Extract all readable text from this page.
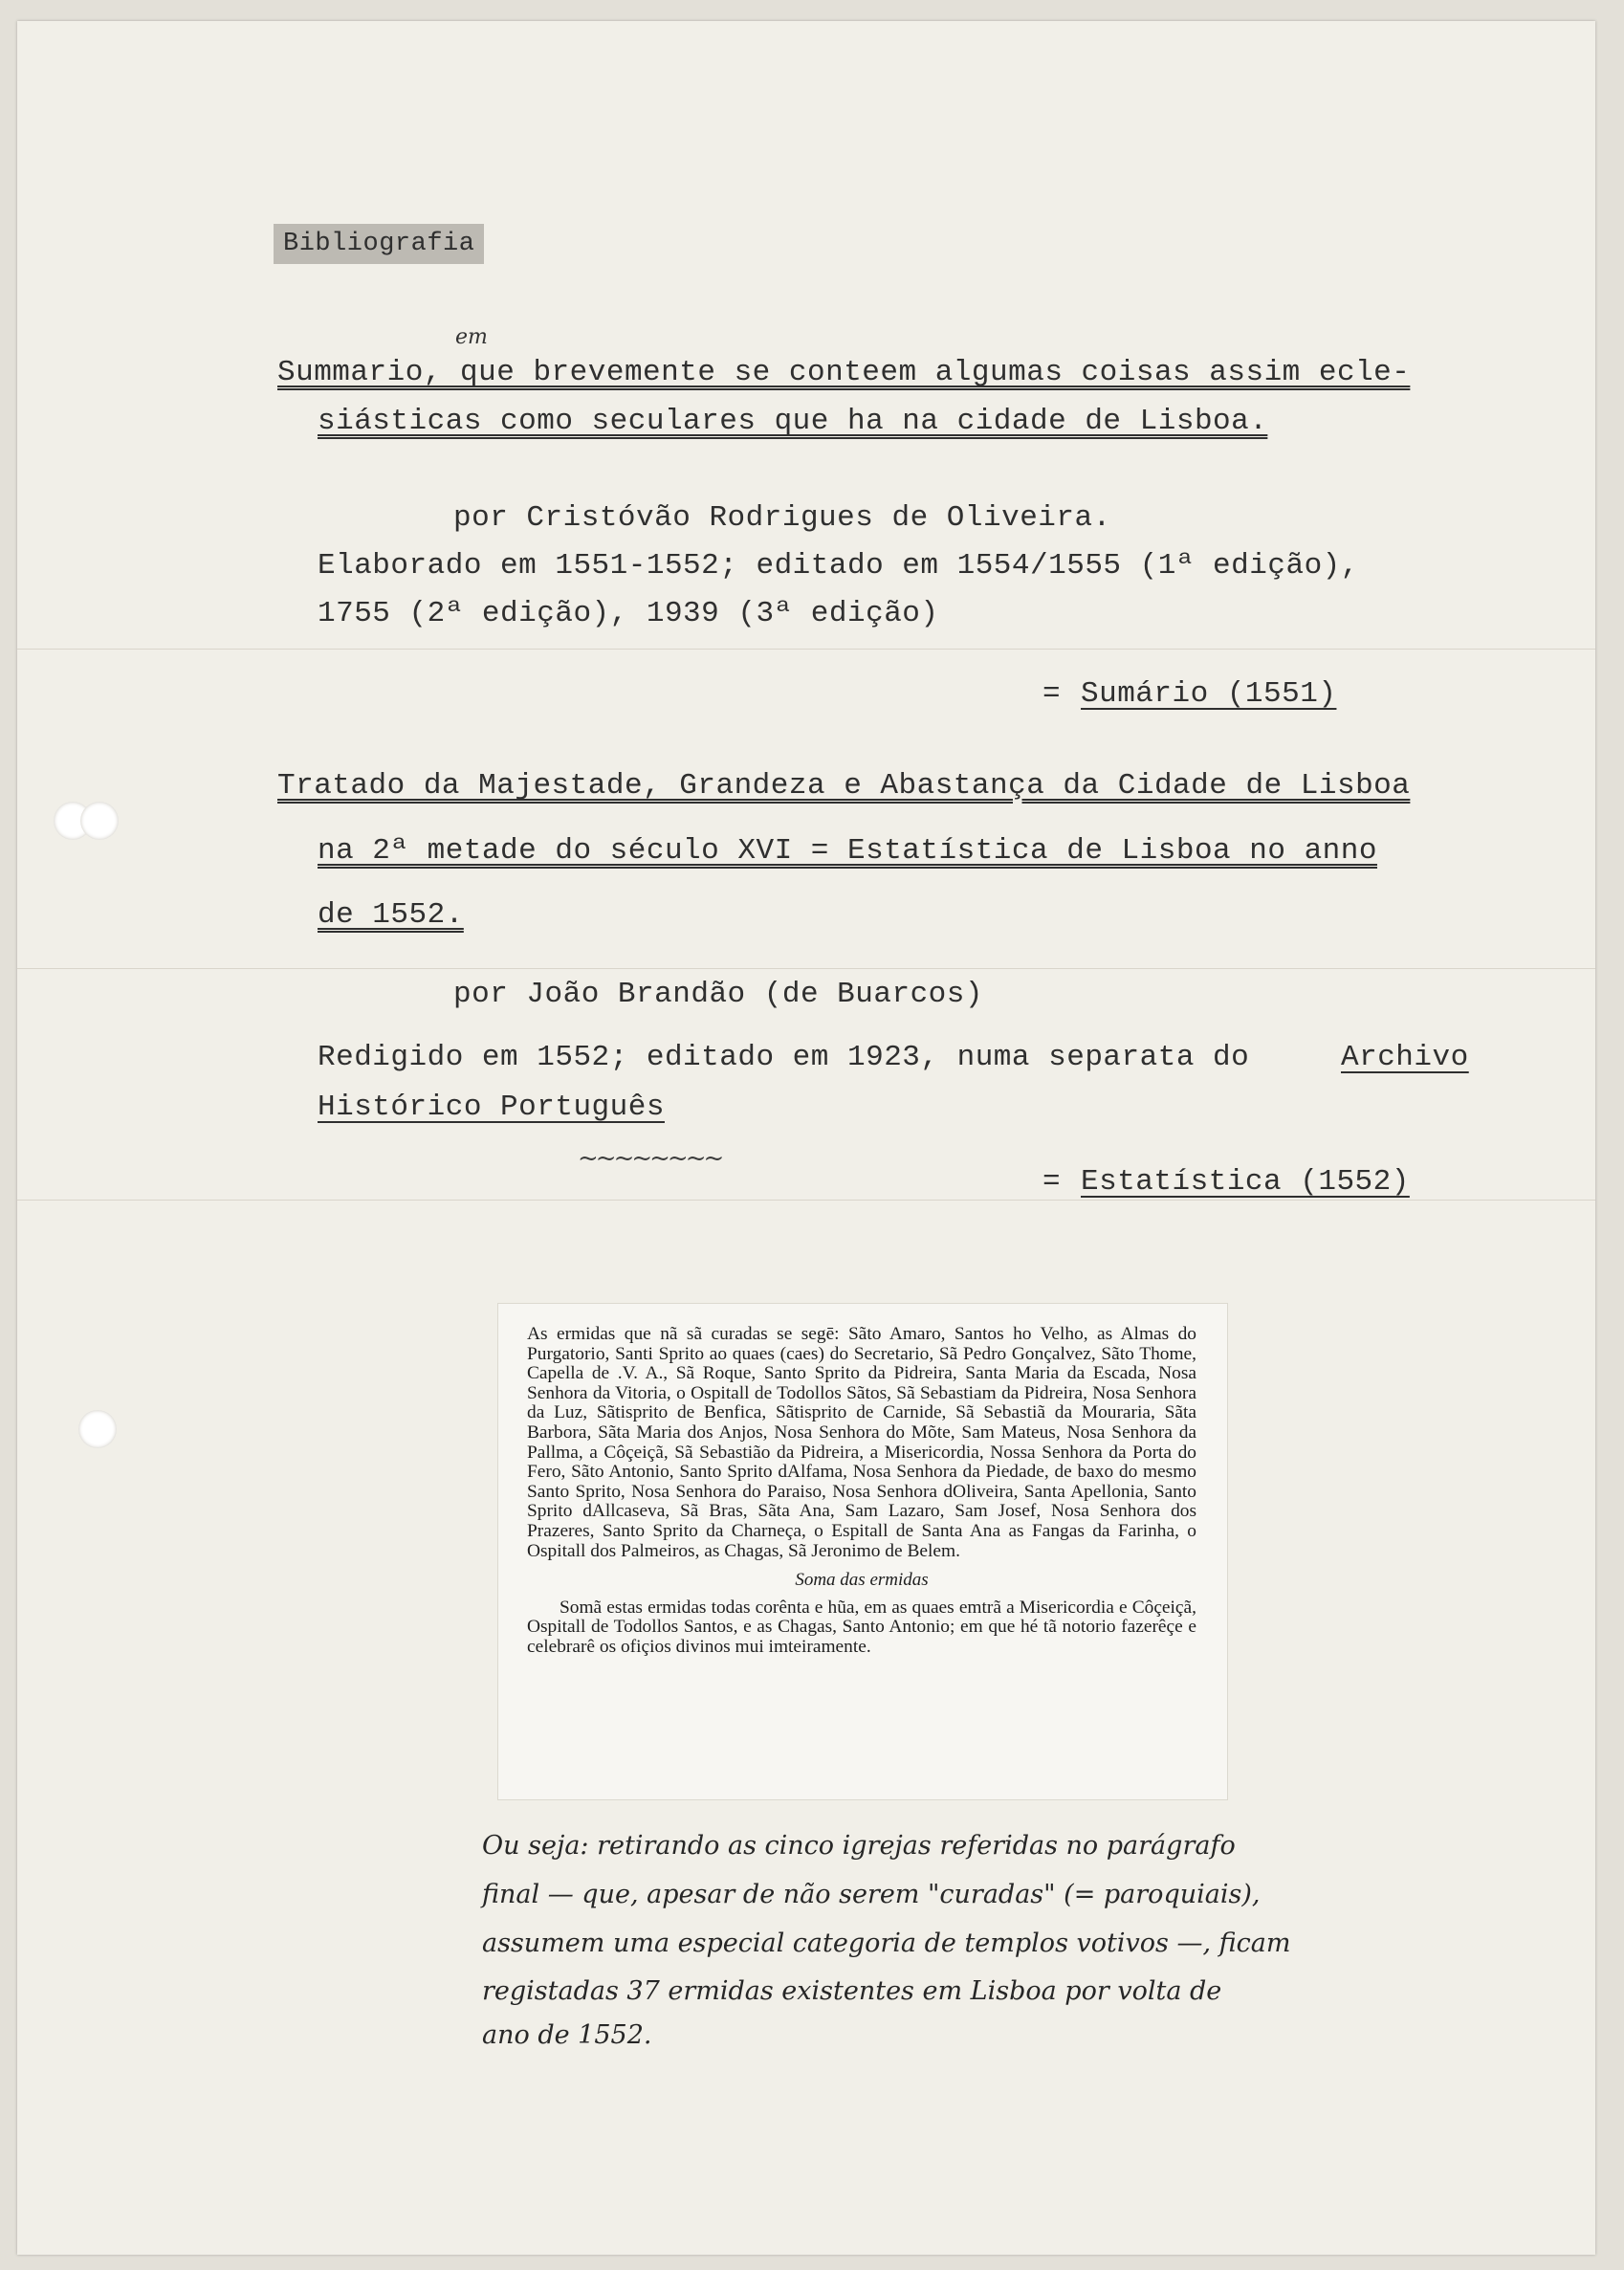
Bibliografia
em
Summario, que brevemente se conteem algumas coisas assim ecle-
siásticas como seculares que ha na cidade de Lisboa.
por Cristóvão Rodrigues de Oliveira.
Elaborado em 1551-1552; editado em 1554/1555 (1ª edição),
1755 (2ª edição), 1939 (3ª edição)
= Sumário (1551)
Tratado da Majestade, Grandeza e Abastança da Cidade de Lisboa
na 2ª metade do século XVI = Estatística de Lisboa no anno
de 1552.
por João Brandão (de Buarcos)
Redigido em 1552; editado em 1923, numa separata do	Archivo
Histórico Português
~~~~~~~~
= Estatística (1552)
As ermidas que nã sã curadas se segē: Sãto Amaro, Santos ho Velho, as Almas do Purgatorio, Santi Sprito ao quaes (caes) do Secretario, Sã Pedro Gonçalvez, Sãto Thome, Capella de .V. A., Sã Roque, Santo Sprito da Pidreira, Santa Maria da Escada, Nosa Senhora da Vitoria, o Ospitall de Todollos Sãtos, Sã Sebastiam da Pidreira, Nosa Senhora da Luz, Sãtisprito de Benfica, Sãtisprito de Carnide, Sã Sebastiã da Mouraria, Sãta Barbora, Sãta Maria dos Anjos, Nosa Senhora do Mõte, Sam Mateus, Nosa Senhora da Pallma, a Côçeiçã, Sã Sebastião da Pidreira, a Misericordia, Nossa Senhora da Porta do Fero, Sãto Antonio, Santo Sprito dAlfama, Nosa Senhora da Piedade, de baxo do mesmo Santo Sprito, Nosa Senhora do Paraiso, Nosa Senhora dOliveira, Santa Apellonia, Santo Sprito dAllcaseva, Sã Bras, Sãta Ana, Sam Lazaro, Sam Josef, Nosa Senhora dos Prazeres, Santo Sprito da Charneça, o Espitall de Santa Ana as Fangas da Farinha, o Ospitall dos Palmeiros, as Chagas, Sã Jeronimo de Belem.
Soma das ermidas
Somã estas ermidas todas corênta e hũa, em as quaes emtrã a Misericordia e Côçeiçã, Ospitall de Todollos Santos, e as Chagas, Santo Antonio; em que hé tã notorio fazerêçe e celebrarê os ofiçios divinos mui imteiramente.
Ou seja: retirando as cinco igrejas referidas no parágrafo
final — que, apesar de não serem "curadas" (= paroquiais),
assumem uma especial categoria de templos votivos —, ficam
registadas 37 ermidas existentes em Lisboa por volta de
ano de 1552.
